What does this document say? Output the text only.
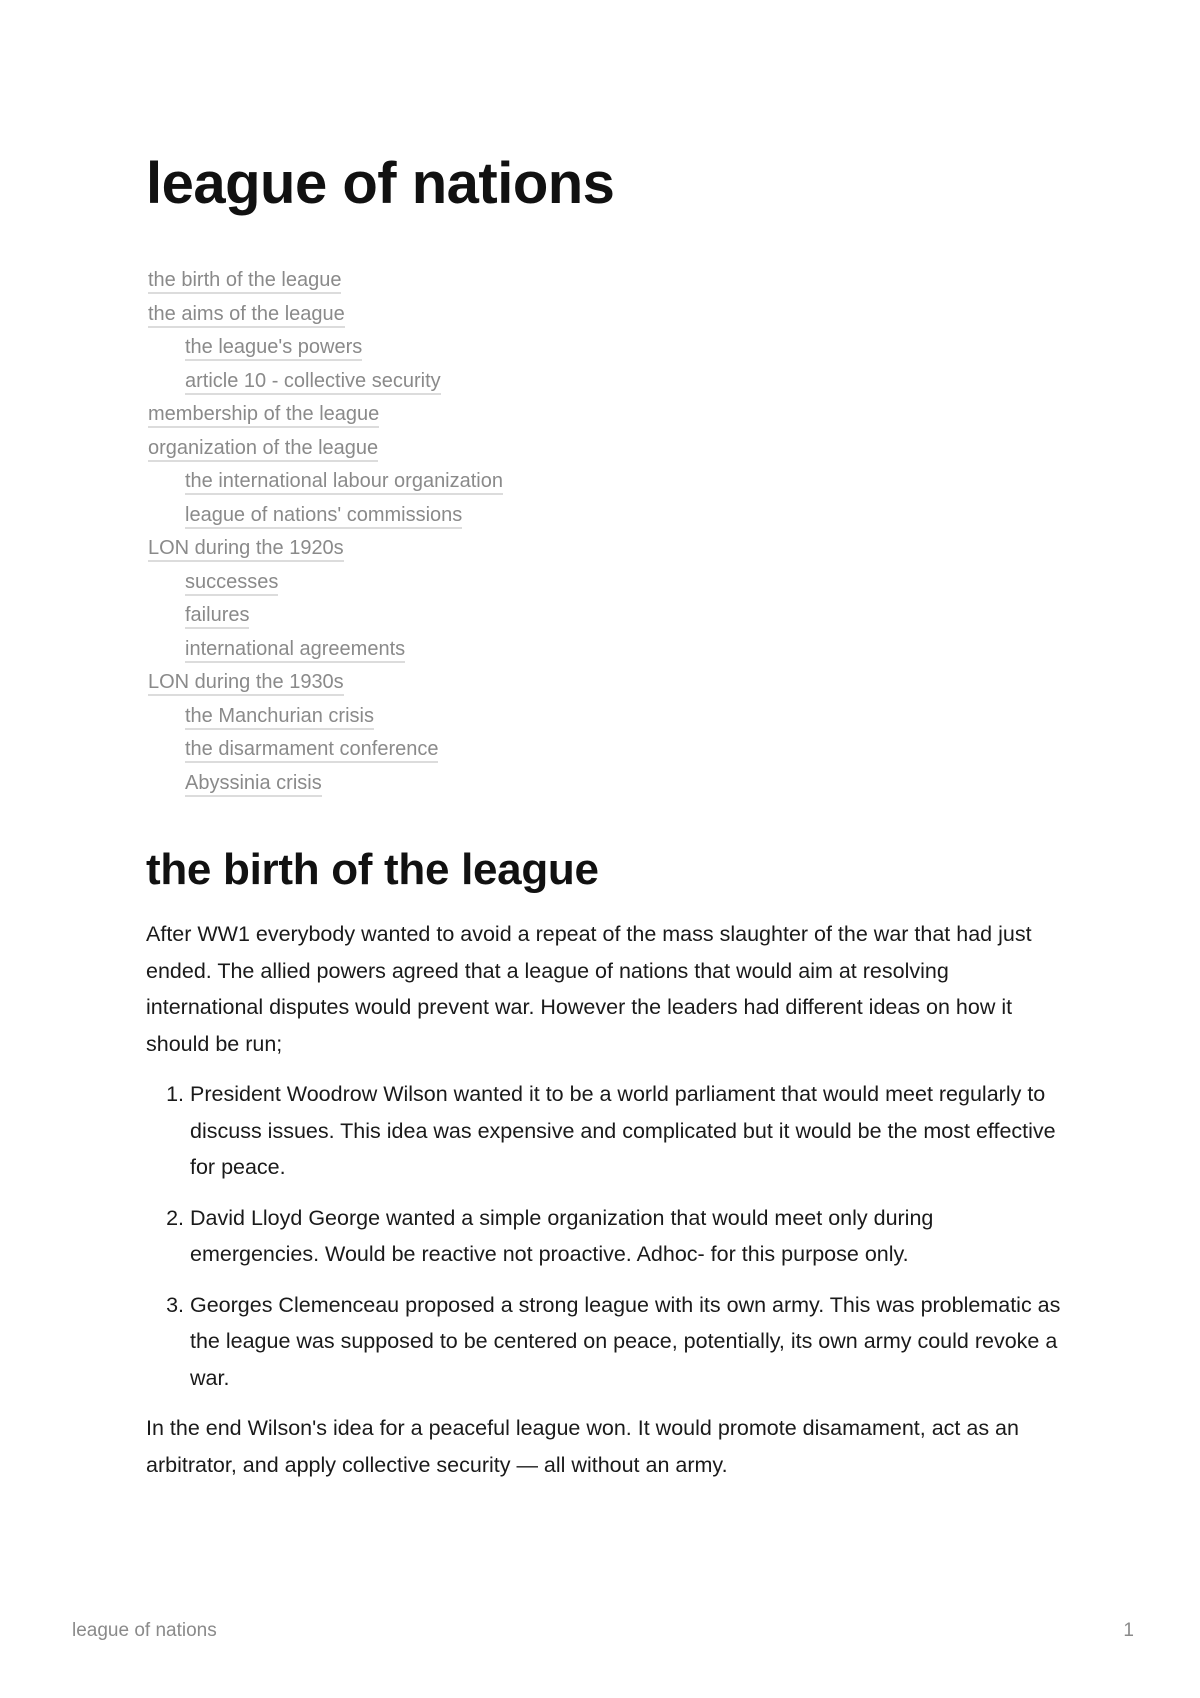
league of nations
the birth of the league
the aims of the league
the league's powers
article 10 - collective security
membership of the league
organization of the league
the international labour organization
league of nations' commissions
LON during the 1920s
successes
failures
international agreements
LON during the 1930s
the Manchurian crisis
the disarmament conference
Abyssinia crisis
the birth of the league

After WW1 everybody wanted to avoid a repeat of the mass slaughter of the war that had just ended. The allied powers agreed that a league of nations that would aim at resolving international disputes would prevent war. However the leaders had different ideas on how it should be run;

1. President Woodrow Wilson wanted it to be a world parliament that would meet regularly to discuss issues. This idea was expensive and complicated but it would be the most effective for peace.
2. David Lloyd George wanted a simple organization that would meet only during emergencies. Would be reactive not proactive. Adhoc- for this purpose only.
3. Georges Clemenceau proposed a strong league with its own army. This was problematic as the league was supposed to be centered on peace, potentially, its own army could revoke a war.

In the end Wilson's idea for a peaceful league won. It would promote disamament, act as an arbitrator, and apply collective security — all without an army.

league of nations	1
